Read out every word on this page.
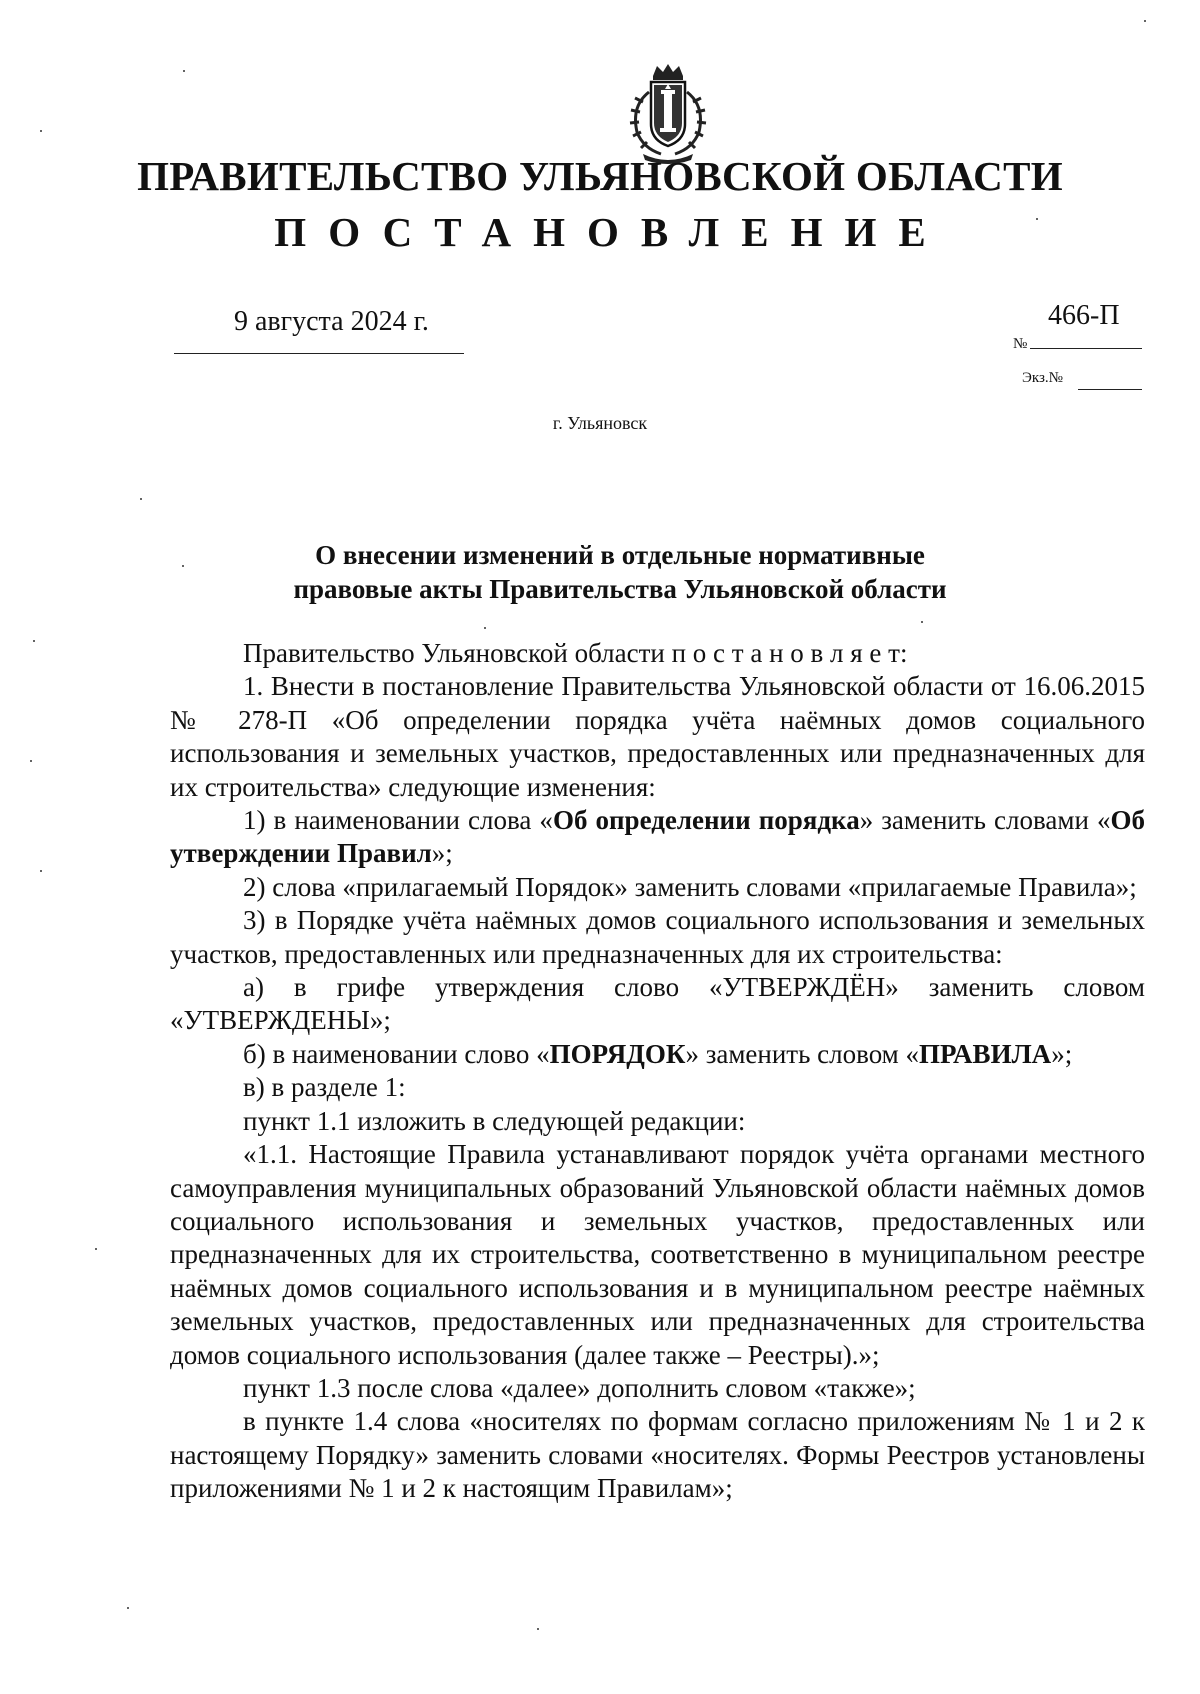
ПРАВИТЕЛЬСТВО УЛЬЯНОВСКОЙ ОБЛАСТИ
ПОСТАНОВЛЕНИЕ
9 августа 2024 г.
№
466-П
Экз.№
г. Ульяновск
О внесении изменений в отдельные нормативные
правовые акты Правительства Ульяновской области

Правительство Ульяновской области п о с т а н о в л я е т:

1. Внести в постановление Правительства Ульяновской области от 16.06.2015 № 278-П «Об определении порядка учёта наёмных домов социального использования и земельных участков, предоставленных или предназначенных для их строительства» следующие изменения:

1) в наименовании слова «Об определении порядка» заменить словами «Об утверждении Правил»;

2) слова «прилагаемый Порядок» заменить словами «прилагаемые Правила»;

3) в Порядке учёта наёмных домов социального использования и земельных участков, предоставленных или предназначенных для их строительства:

а) в грифе утверждения слово «УТВЕРЖДЁН» заменить словом «УТВЕРЖДЕНЫ»;

б) в наименовании слово «ПОРЯДОК» заменить словом «ПРАВИЛА»;

в) в разделе 1:

пункт 1.1 изложить в следующей редакции:

«1.1. Настоящие Правила устанавливают порядок учёта органами местного самоуправления муниципальных образований Ульяновской области наёмных домов социального использования и земельных участков, предоставленных или предназначенных для их строительства, соответственно в муниципальном реестре наёмных домов социального использования и в муниципальном реестре наёмных земельных участков, предоставленных или предназначенных для строительства домов социального использования (далее также – Реестры).»;

пункт 1.3 после слова «далее» дополнить словом «также»;

в пункте 1.4 слова «носителях по формам согласно приложениям № 1 и 2 к настоящему Порядку» заменить словами «носителях. Формы Реестров установлены приложениями № 1 и 2 к настоящим Правилам»;
